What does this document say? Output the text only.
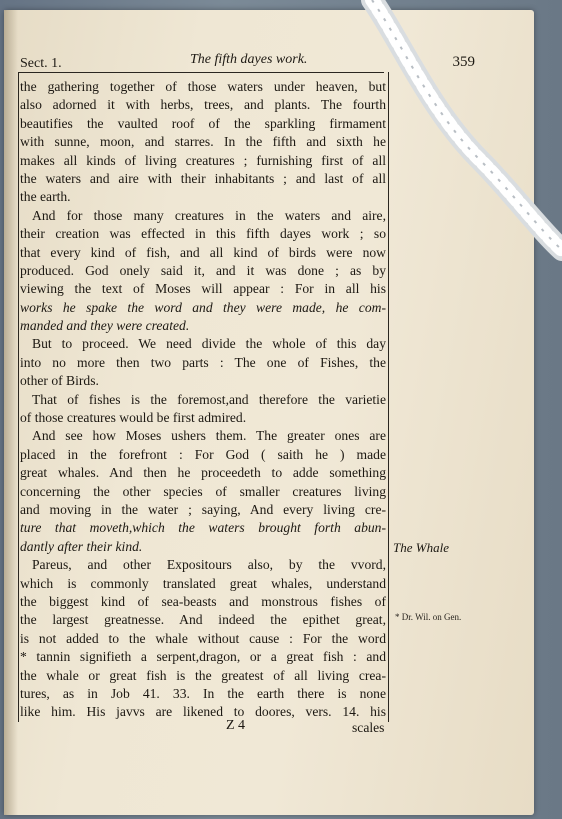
Sect. 1.	The fifth dayes work.	359
the gathering together of those waters under heaven, but
also adorned it with herbs, trees, and plants. The fourth
beautifies the vaulted roof of the sparkling firmament
with sunne, moon, and starres. In the fifth and sixth he
makes all kinds of living creatures ; furnishing first of all
the waters and aire with their inhabitants ; and last of all
the earth.
And for those many creatures in the waters and aire,
their creation was effected in this fifth dayes work ; so
that every kind of fish, and all kind of birds were now
produced. God onely said it, and it was done ; as by
viewing the text of Moses will appear : For in all his
works he spake the word and they were made, he com-
manded and they were created.
But to proceed. We need divide the whole of this day
into no more then two parts : The one of Fishes, the
other of Birds.
That of fishes is the foremost,and therefore the varietie
of those creatures would be first admired.
And see how Moses ushers them. The greater ones are
placed in the forefront : For God ( saith he ) made
great whales. And then he proceedeth to adde something
concerning the other species of smaller creatures living
and moving in the water ; saying, And every living cre-
ture that moveth,which the waters brought forth abun-
dantly after their kind.
Pareus, and other Expositours also, by the vvord,
which is commonly translated great whales, understand
the biggest kind of sea-beasts and monstrous fishes of
the largest greatnesse. And indeed the epithet great,
is not added to the whale without cause : For the word
* tannin signifieth a serpent,dragon, or a great fish : and
the whale or great fish is the greatest of all living crea-
tures, as in Job 41. 33. In the earth there is none
like him. His javvs are likened to doores, vers. 14. his
The Whale
* Dr. Wil. on Gen.
Z 4	scales
